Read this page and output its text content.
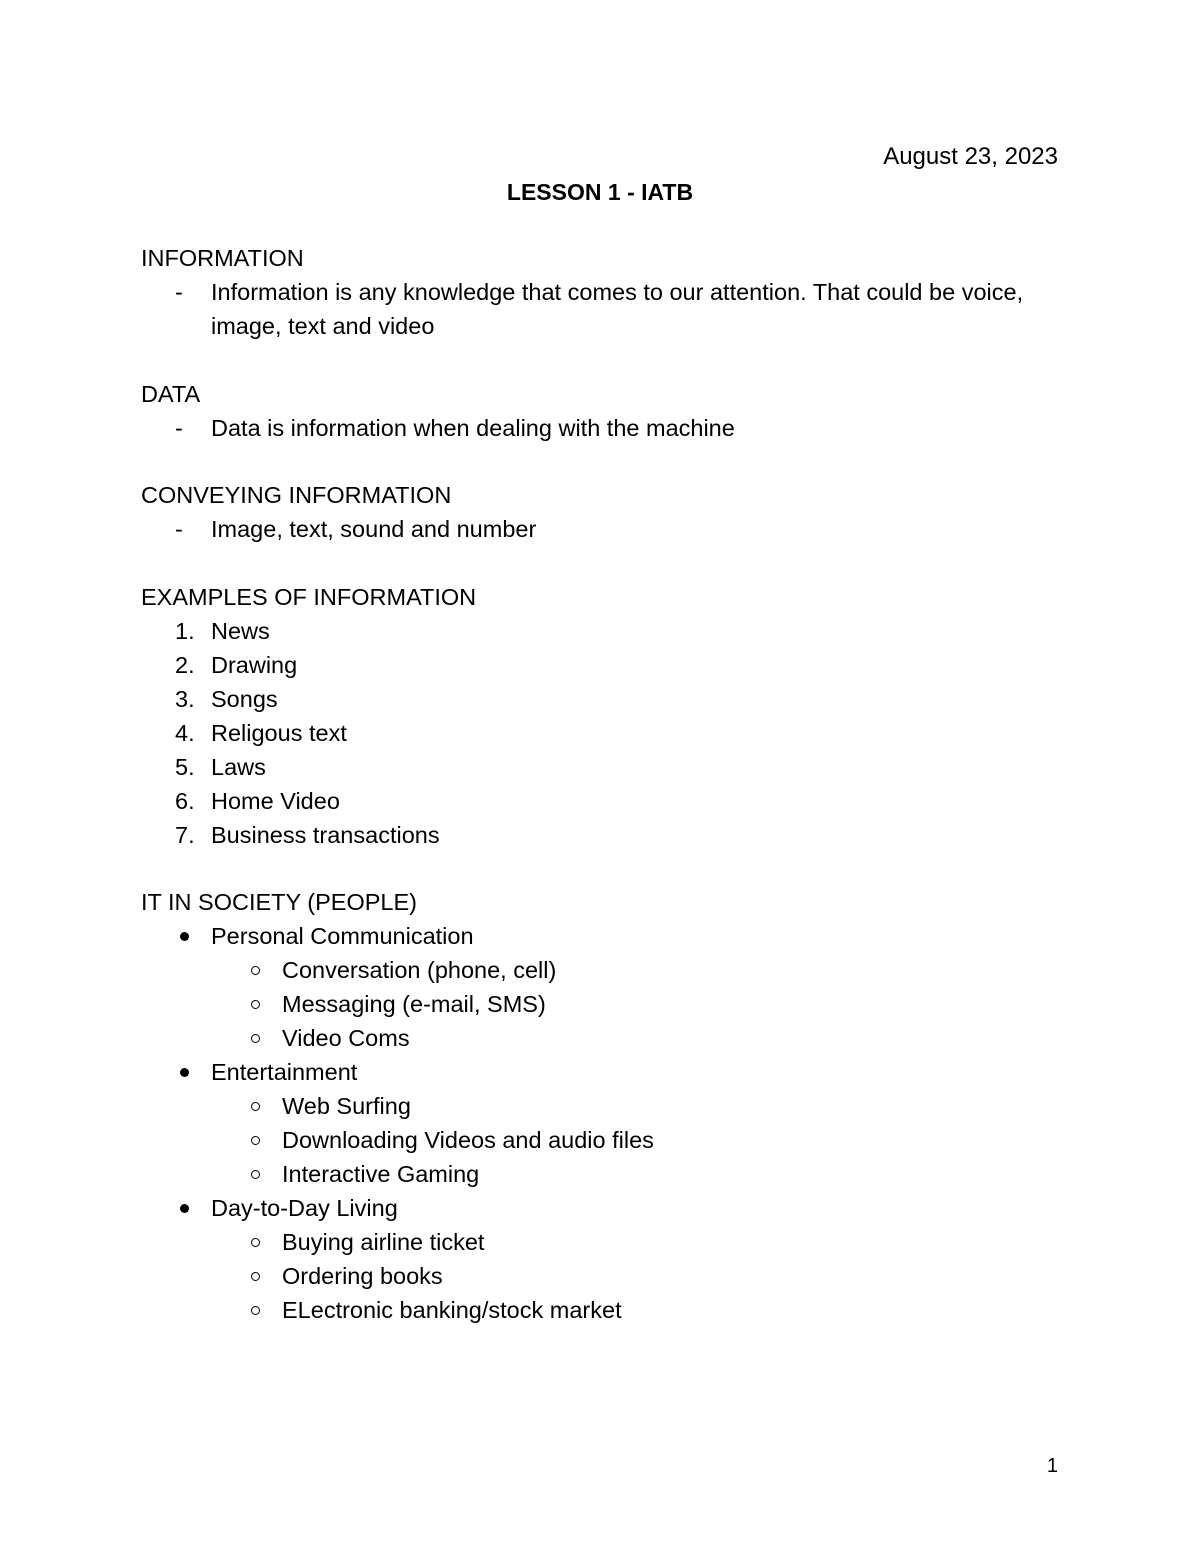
August 23, 2023
LESSON 1 - IATB
INFORMATION
- Information is any knowledge that comes to our attention. That could be voice, image, text and video
DATA
- Data is information when dealing with the machine
CONVEYING INFORMATION
- Image, text, sound and number
EXAMPLES OF INFORMATION
1. News
2. Drawing
3. Songs
4. Religous text
5. Laws
6. Home Video
7. Business transactions
IT IN SOCIETY (PEOPLE)
Personal Communication
Conversation (phone, cell)
Messaging (e-mail, SMS)
Video Coms
Entertainment
Web Surfing
Downloading Videos and audio files
Interactive Gaming
Day-to-Day Living
Buying airline ticket
Ordering books
ELectronic banking/stock market
1
